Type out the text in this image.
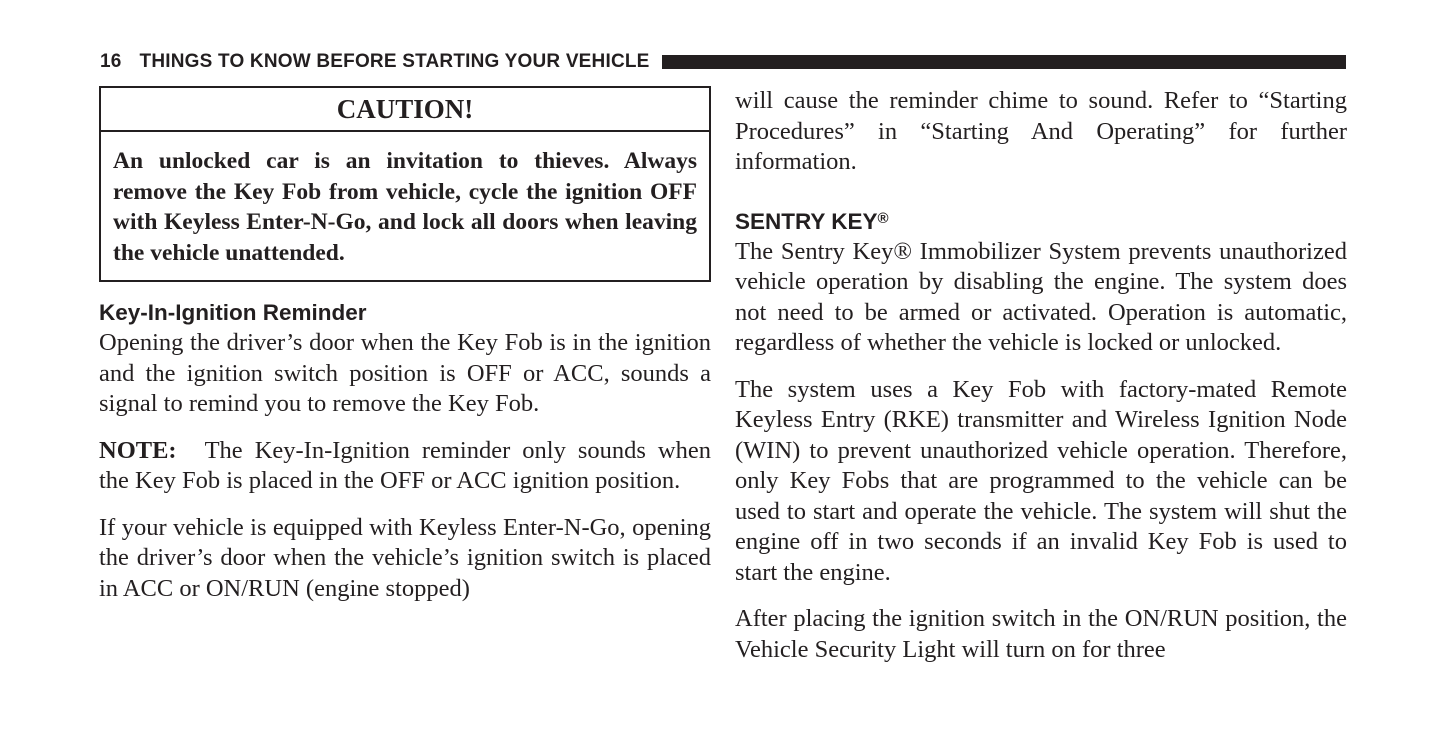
16 THINGS TO KNOW BEFORE STARTING YOUR VEHICLE
CAUTION!

An unlocked car is an invitation to thieves. Always remove the Key Fob from vehicle, cycle the ignition OFF with Keyless Enter-N-Go, and lock all doors when leaving the vehicle unattended.

Key-In-Ignition Reminder

Opening the driver’s door when the Key Fob is in the ignition and the ignition switch position is OFF or ACC, sounds a signal to remind you to remove the Key Fob.

NOTE: The Key-In-Ignition reminder only sounds when the Key Fob is placed in the OFF or ACC ignition position.

If your vehicle is equipped with Keyless Enter-N-Go, opening the driver’s door when the vehicle’s ignition switch is placed in ACC or ON/RUN (engine stopped)

will cause the reminder chime to sound. Refer to “Starting Procedures” in “Starting And Operating” for further information.

SENTRY KEY®

The Sentry Key® Immobilizer System prevents unauthorized vehicle operation by disabling the engine. The system does not need to be armed or activated. Operation is automatic, regardless of whether the vehicle is locked or unlocked.

The system uses a Key Fob with factory-mated Remote Keyless Entry (RKE) transmitter and Wireless Ignition Node (WIN) to prevent unauthorized vehicle operation. Therefore, only Key Fobs that are programmed to the vehicle can be used to start and operate the vehicle. The system will shut the engine off in two seconds if an invalid Key Fob is used to start the engine.

After placing the ignition switch in the ON/RUN position, the Vehicle Security Light will turn on for three
